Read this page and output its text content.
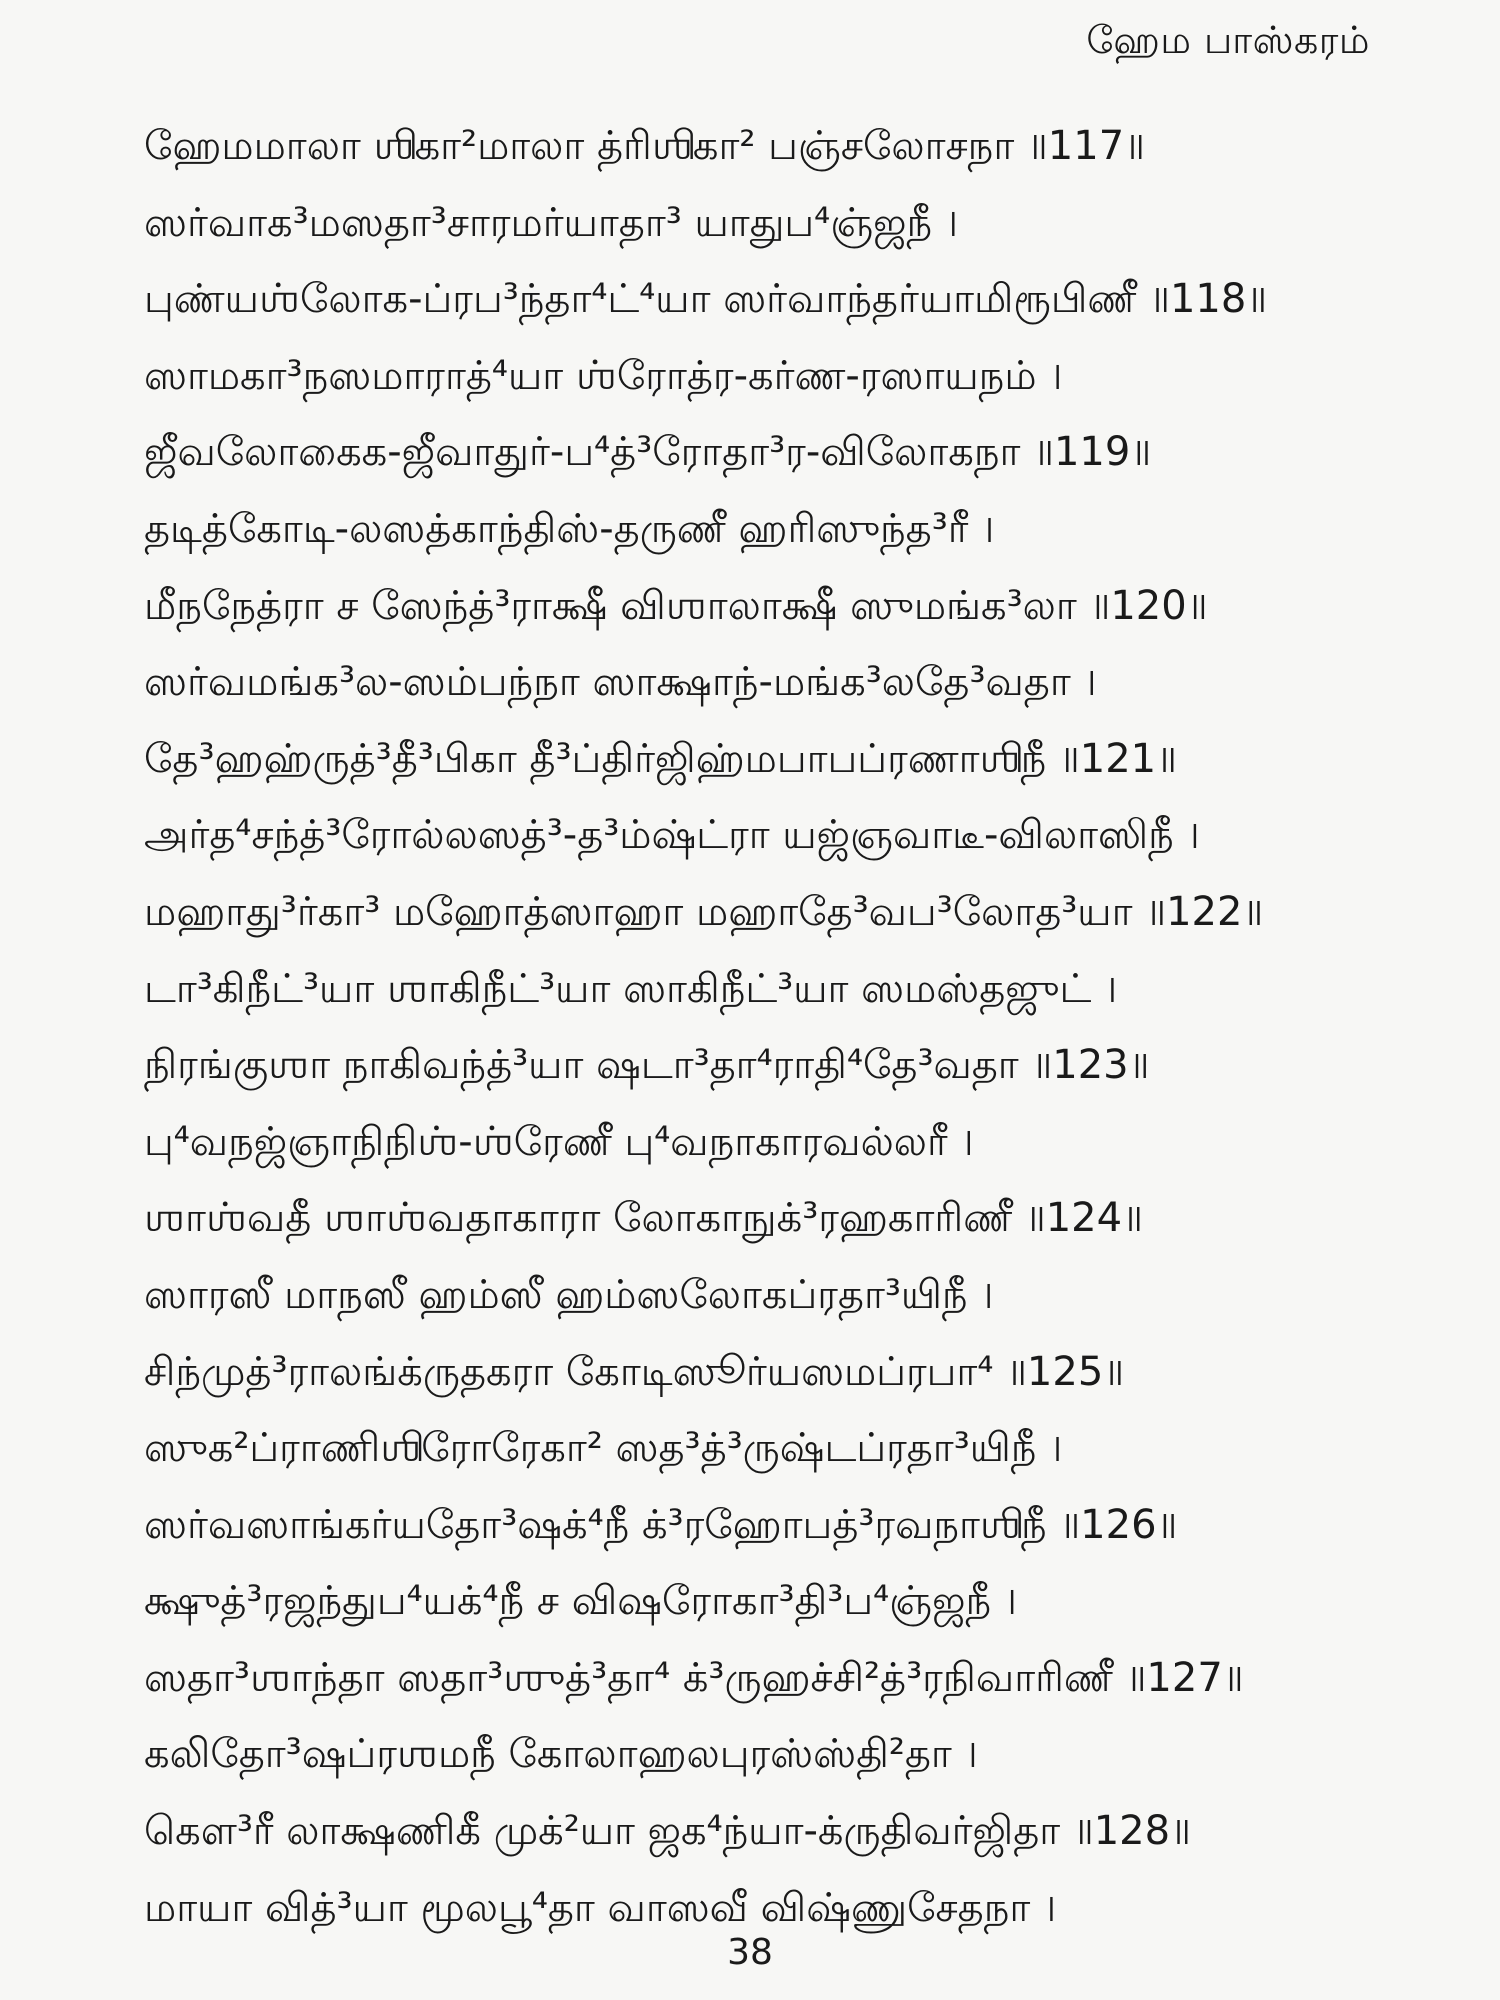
ஹேம பாஸ்கரம்
ஹேமமாலா ஶிகா²மாலா த்ரிஶிகா² பஞ்சலோசநா ॥117॥
ஸர்வாக³மஸதா³சாரமர்யாதா³ யாதுப⁴ஞ்ஜநீ ।
புண்யஶ்லோக-ப்ரப³ந்தா⁴ட்⁴யா ஸர்வாந்தர்யாமிரூபிணீ ॥118॥
ஸாமகா³நஸமாராத்⁴யா ஶ்ரோத்ர-கர்ண-ரஸாயநம் ।
ஜீவலோகைக-ஜீவாதுர்-ப⁴த்³ரோதா³ர-விலோகநா ॥119॥
தடித்கோடி-லஸத்காந்திஸ்-தருணீ ஹரிஸுந்த³ரீ ।
மீநநேத்ரா ச ஸேந்த்³ராக்ஷீ விஶாலாக்ஷீ ஸுமங்க³லா ॥120॥
ஸர்வமங்க³ல-ஸம்பந்நா ஸாக்ஷாந்-மங்க³லதே³வதா ।
தே³ஹஹ்ருத்³தீ³பிகா தீ³ப்திர்ஜிஹ்மபாபப்ரணாஶிநீ ॥121॥
அர்த⁴சந்த்³ரோல்லஸத்³-த³ம்ஷ்ட்ரா யஜ்ஞவாடீ-விலாஸிநீ ।
மஹாது³ர்கா³ மஹோத்ஸாஹா மஹாதே³வப³லோத³யா ॥122॥
டா³கிநீட்³யா ஶாகிநீட்³யா ஸாகிநீட்³யா ஸமஸ்தஜுட் ।
நிரங்குஶா நாகிவந்த்³யா ஷடா³தா⁴ராதி⁴தே³வதா ॥123॥
பு⁴வநஜ்ஞாநிநிஶ்-ஶ்ரேணீ பு⁴வநாகாரவல்லரீ ।
ஶாஶ்வதீ ஶாஶ்வதாகாரா லோகாநுக்³ரஹகாரிணீ ॥124॥
ஸாரஸீ மாநஸீ ஹம்ஸீ ஹம்ஸலோகப்ரதா³யிநீ ।
சிந்முத்³ராலங்க்ருதகரா கோடிஸூர்யஸமப்ரபா⁴ ॥125॥
ஸுக²ப்ராணிஶிரோரேகா² ஸத³த்³ருஷ்டப்ரதா³யிநீ ।
ஸர்வஸாங்கர்யதோ³ஷக்⁴நீ க்³ரஹோபத்³ரவநாஶிநீ ॥126॥
க்ஷுத்³ரஜந்துப⁴யக்⁴நீ ச விஷரோகா³தி³ப⁴ஞ்ஜநீ ।
ஸதா³ஶாந்தா ஸதா³ஶுத்³தா⁴ க்³ருஹச்சி²த்³ரநிவாரிணீ ॥127॥
கலிதோ³ஷப்ரஶமநீ கோலாஹலபுரஸ்ஸ்தி²தா ।
கௌ³ரீ லாக்ஷணிகீ முக்²யா ஜக⁴ந்யா-க்ருதிவர்ஜிதா ॥128॥
மாயா வித்³யா மூலபூ⁴தா வாஸவீ விஷ்ணுசேதநா ।
38
